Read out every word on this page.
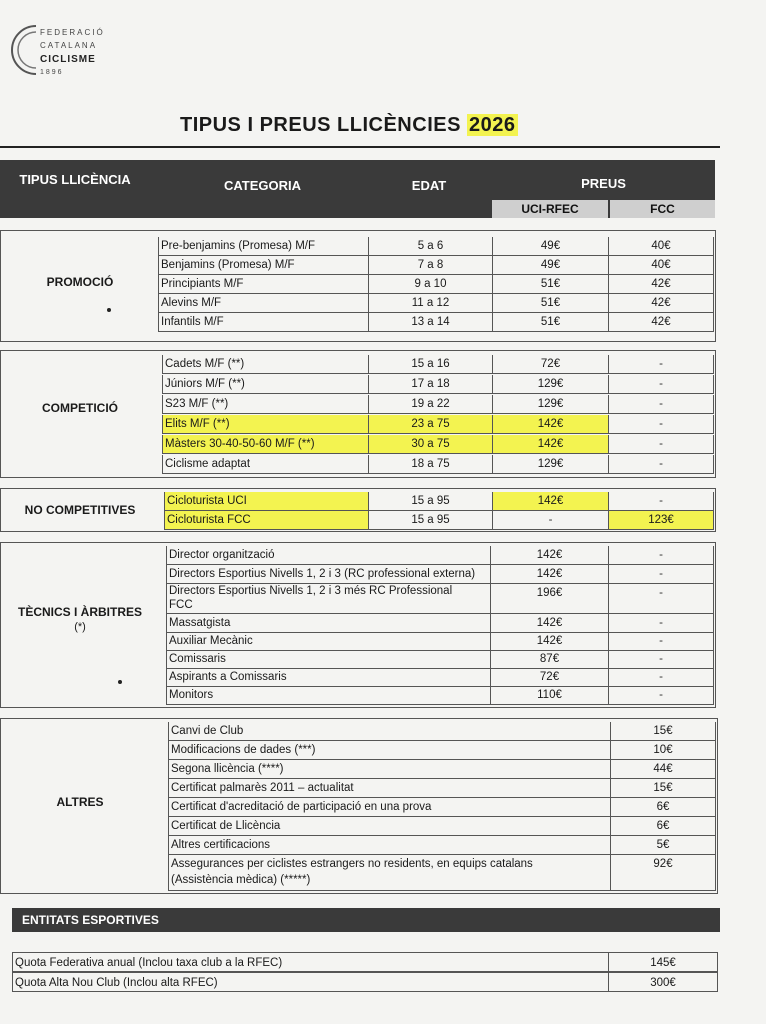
FEDERACIÓ
CATALANA
CICLISME
1896
TIPUS I PREUS LLICÈNCIES 2026
TIPUS LLICÈNCIA	CATEGORIA	EDAT	PREUS
UCI-RFEC	FCC
PROMOCIÓ
Pre-benjamins (Promesa) M/F	5 a 6	49€	40€
Benjamins (Promesa) M/F	7 a 8	49€	40€
Principiants M/F	9 a 10	51€	42€
Alevins M/F	11 a 12	51€	42€
Infantils M/F	13 a 14	51€	42€
COMPETICIÓ
Cadets M/F (**)	15 a 16	72€	-
Júniors M/F (**)	17 a 18	129€	-
S23 M/F (**)	19 a 22	129€	-
Elits M/F (**)	23 a 75	142€	-
Màsters 30-40-50-60 M/F (**)	30 a 75	142€	-
Ciclisme adaptat	18 a 75	129€	-
NO COMPETITIVES
Cicloturista UCI	15 a 95	142€	-
Cicloturista FCC	15 a 95	-	123€
TÈCNICS I ÀRBITRES
(*)
Director organització	142€	-
Directors Esportius Nivells 1, 2 i 3 (RC professional externa)	142€	-
Directors Esportius Nivells 1, 2 i 3 més RC Professional
FCC
196€	-
Massatgista	142€	-
Auxiliar Mecànic	142€	-
Comissaris	87€	-
Aspirants a Comissaris	72€	-
Monitors	110€	-
ALTRES
Canvi de Club	15€
Modificacions de dades (***)	10€
Segona llicència (****)	44€
Certificat palmarès 2011 – actualitat	15€
Certificat d'acreditació de participació en una prova	6€
Certificat de Llicència	6€
Altres certificacions	5€
Assegurances per ciclistes estrangers no residents, en equips catalans
(Assistència mèdica) (*****)
92€
ENTITATS ESPORTIVES
Quota Federativa anual (Inclou taxa club a la RFEC)	145€
Quota Alta Nou Club (Inclou alta RFEC)	300€
